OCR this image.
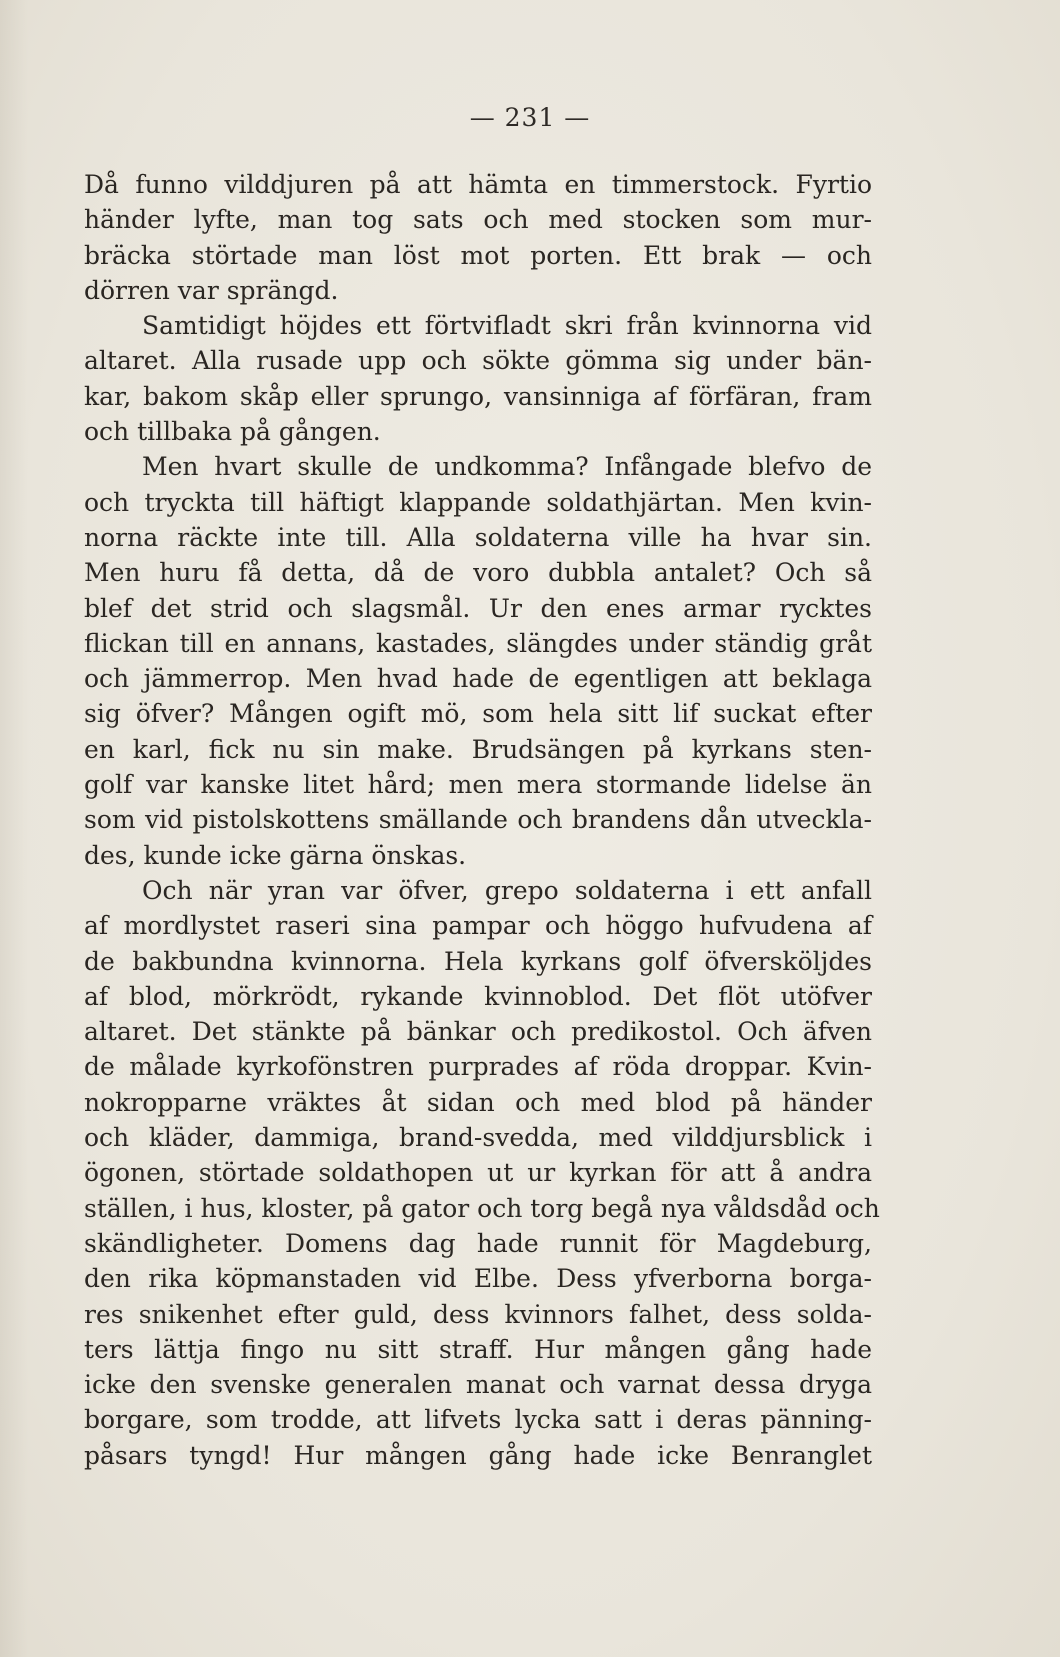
— 231 —
Då funno vilddjuren på att hämta en timmerstock. Fyrtio
händer lyfte, man tog sats och med stocken som mur-
bräcka störtade man löst mot porten. Ett brak — och
dörren var sprängd.
Samtidigt höjdes ett förtvifladt skri från kvinnorna vid
altaret. Alla rusade upp och sökte gömma sig under bän-
kar, bakom skåp eller sprungo, vansinniga af förfäran, fram
och tillbaka på gången.
Men hvart skulle de undkomma? Infångade blefvo de
och tryckta till häftigt klappande soldathjärtan. Men kvin-
norna räckte inte till. Alla soldaterna ville ha hvar sin.
Men huru få detta, då de voro dubbla antalet? Och så
blef det strid och slagsmål. Ur den enes armar rycktes
flickan till en annans, kastades, slängdes under ständig gråt
och jämmerrop. Men hvad hade de egentligen att beklaga
sig öfver? Mången ogift mö, som hela sitt lif suckat efter
en karl, fick nu sin make. Brudsängen på kyrkans sten-
golf var kanske litet hård; men mera stormande lidelse än
som vid pistolskottens smällande och brandens dån utveckla-
des, kunde icke gärna önskas.
Och när yran var öfver, grepo soldaterna i ett anfall
af mordlystet raseri sina pampar och höggo hufvudena af
de bakbundna kvinnorna. Hela kyrkans golf öfversköljdes
af blod, mörkrödt, rykande kvinnoblod. Det flöt utöfver
altaret. Det stänkte på bänkar och predikostol. Och äfven
de målade kyrkofönstren purprades af röda droppar. Kvin-
nokropparne vräktes åt sidan och med blod på händer
och kläder, dammiga, brand-svedda, med vilddjursblick i
ögonen, störtade soldathopen ut ur kyrkan för att å andra
ställen, i hus, kloster, på gator och torg begå nya våldsdåd och
skändligheter. Domens dag hade runnit för Magdeburg,
den rika köpmanstaden vid Elbe. Dess yfverborna borga-
res snikenhet efter guld, dess kvinnors falhet, dess solda-
ters lättja fingo nu sitt straff. Hur mången gång hade
icke den svenske generalen manat och varnat dessa dryga
borgare, som trodde, att lifvets lycka satt i deras pänning-
påsars tyngd! Hur mången gång hade icke Benranglet
